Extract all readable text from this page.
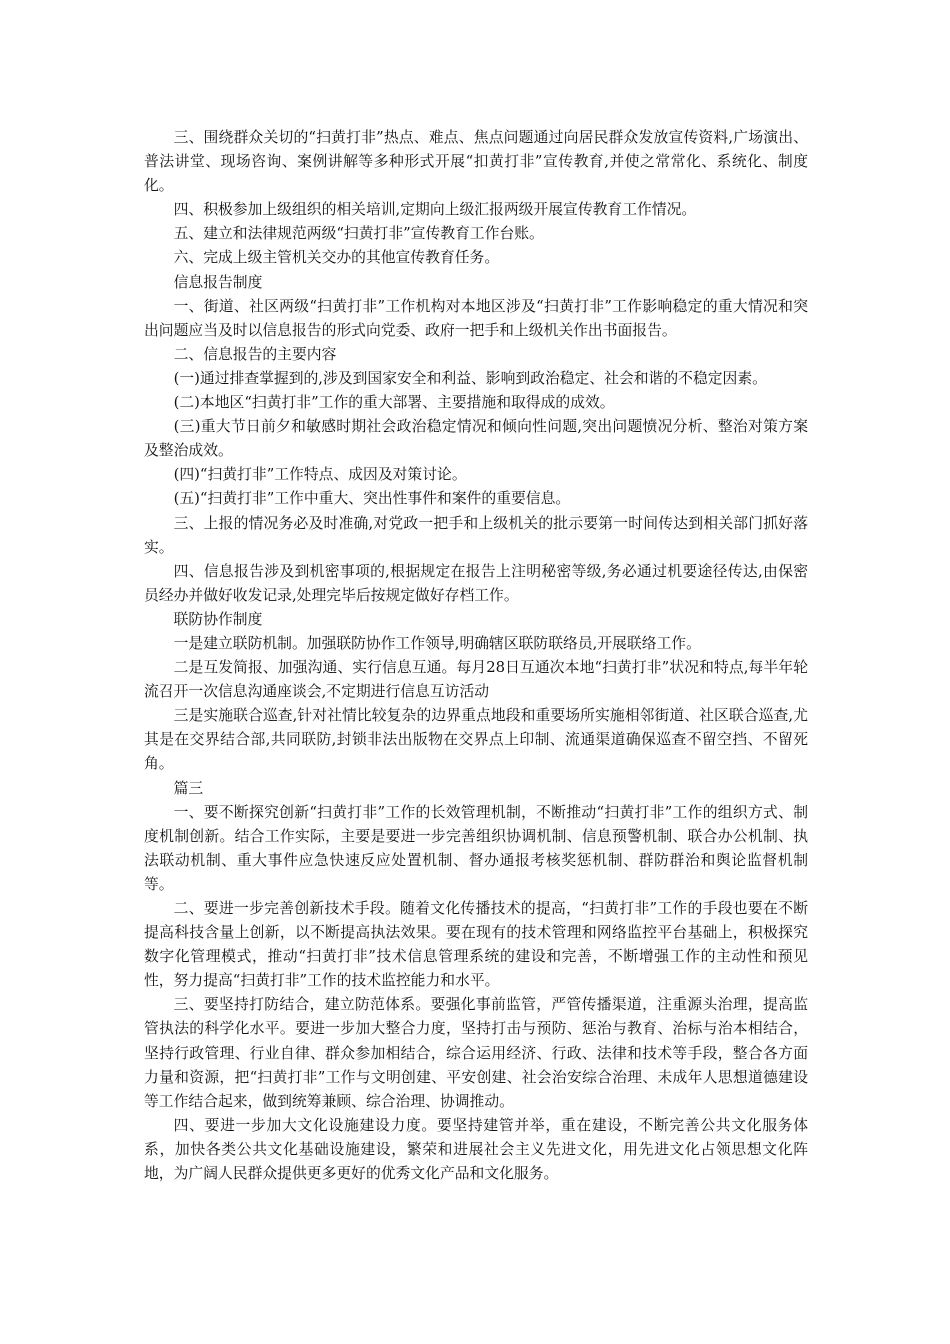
三、围绕群众关切的“扫黄打非”热点、难点、焦点问题通过向居民群众发放宣传资料,广场演出、普法讲堂、现场咨询、案例讲解等多种形式开展“扣黄打非”宣传教育,并使之常常化、系统化、制度化。

四、积极参加上级组织的相关培训,定期向上级汇报两级开展宣传教育工作情况。

五、建立和法律规范两级“扫黄打非”宣传教育工作台账。

六、完成上级主管机关交办的其他宣传教育任务。

信息报告制度

一、街道、社区两级“扫黄打非”工作机构对本地区涉及“扫黄打非”工作影响稳定的重大情况和突出问题应当及时以信息报告的形式向党委、政府一把手和上级机关作出书面报告。

二、信息报告的主要内容

(一)通过排查掌握到的,涉及到国家安全和利益、影响到政治稳定、社会和谐的不稳定因素。

(二)本地区“扫黄打非”工作的重大部署、主要措施和取得成的成效。

(三)重大节日前夕和敏感时期社会政治稳定情况和倾向性问题,突出问题愤况分析、整治对策方案及整治成效。

(四)“扫黄打非”工作特点、成因及对策讨论。

(五)“扫黄打非”工作中重大、突出性事件和案件的重要信息。

三、上报的情况务必及时准确,对党政一把手和上级机关的批示要第一时间传达到相关部门抓好落实。

四、信息报告涉及到机密事项的,根据规定在报告上注明秘密等级,务必通过机要途径传达,由保密员经办并做好收发记录,处理完毕后按规定做好存档工作。

联防协作制度

一是建立联防机制。加强联防协作工作领导,明确辖区联防联络员,开展联络工作。

二是互发简报、加强沟通、实行信息互通。每月28日互通次本地“扫黄打非”状况和特点,每半年轮流召开一次信息沟通座谈会,不定期进行信息互访活动

三是实施联合巡查,针对社情比较复杂的边界重点地段和重要场所实施相邻街道、社区联合巡查,尤其是在交界结合部,共同联防,封锁非法出版物在交界点上印制、流通渠道确保巡查不留空挡、不留死角。

篇三

一、要不断探究创新“扫黄打非”工作的长效管理机制，不断推动“扫黄打非”工作的组织方式、制度机制创新。结合工作实际，主要是要进一步完善组织协调机制、信息预警机制、联合办公机制、执法联动机制、重大事件应急快速反应处置机制、督办通报考核奖惩机制、群防群治和舆论监督机制等。

二、要进一步完善创新技术手段。随着文化传播技术的提高，“扫黄打非”工作的手段也要在不断提高科技含量上创新，以不断提高执法效果。要在现有的技术管理和网络监控平台基础上，积极探究数字化管理模式，推动“扫黄打非”技术信息管理系统的建设和完善，不断增强工作的主动性和预见性，努力提高“扫黄打非”工作的技术监控能力和水平。

三、要坚持打防结合，建立防范体系。要强化事前监管，严管传播渠道，注重源头治理，提高监管执法的科学化水平。要进一步加大整合力度，坚持打击与预防、惩治与教育、治标与治本相结合，坚持行政管理、行业自律、群众参加相结合，综合运用经济、行政、法律和技术等手段，整合各方面力量和资源，把“扫黄打非”工作与文明创建、平安创建、社会治安综合治理、未成年人思想道德建设等工作结合起来，做到统筹兼顾、综合治理、协调推动。

四、要进一步加大文化设施建设力度。要坚持建管并举，重在建设，不断完善公共文化服务体系，加快各类公共文化基础设施建设，繁荣和进展社会主义先进文化，用先进文化占领思想文化阵地，为广阔人民群众提供更多更好的优秀文化产品和文化服务。
